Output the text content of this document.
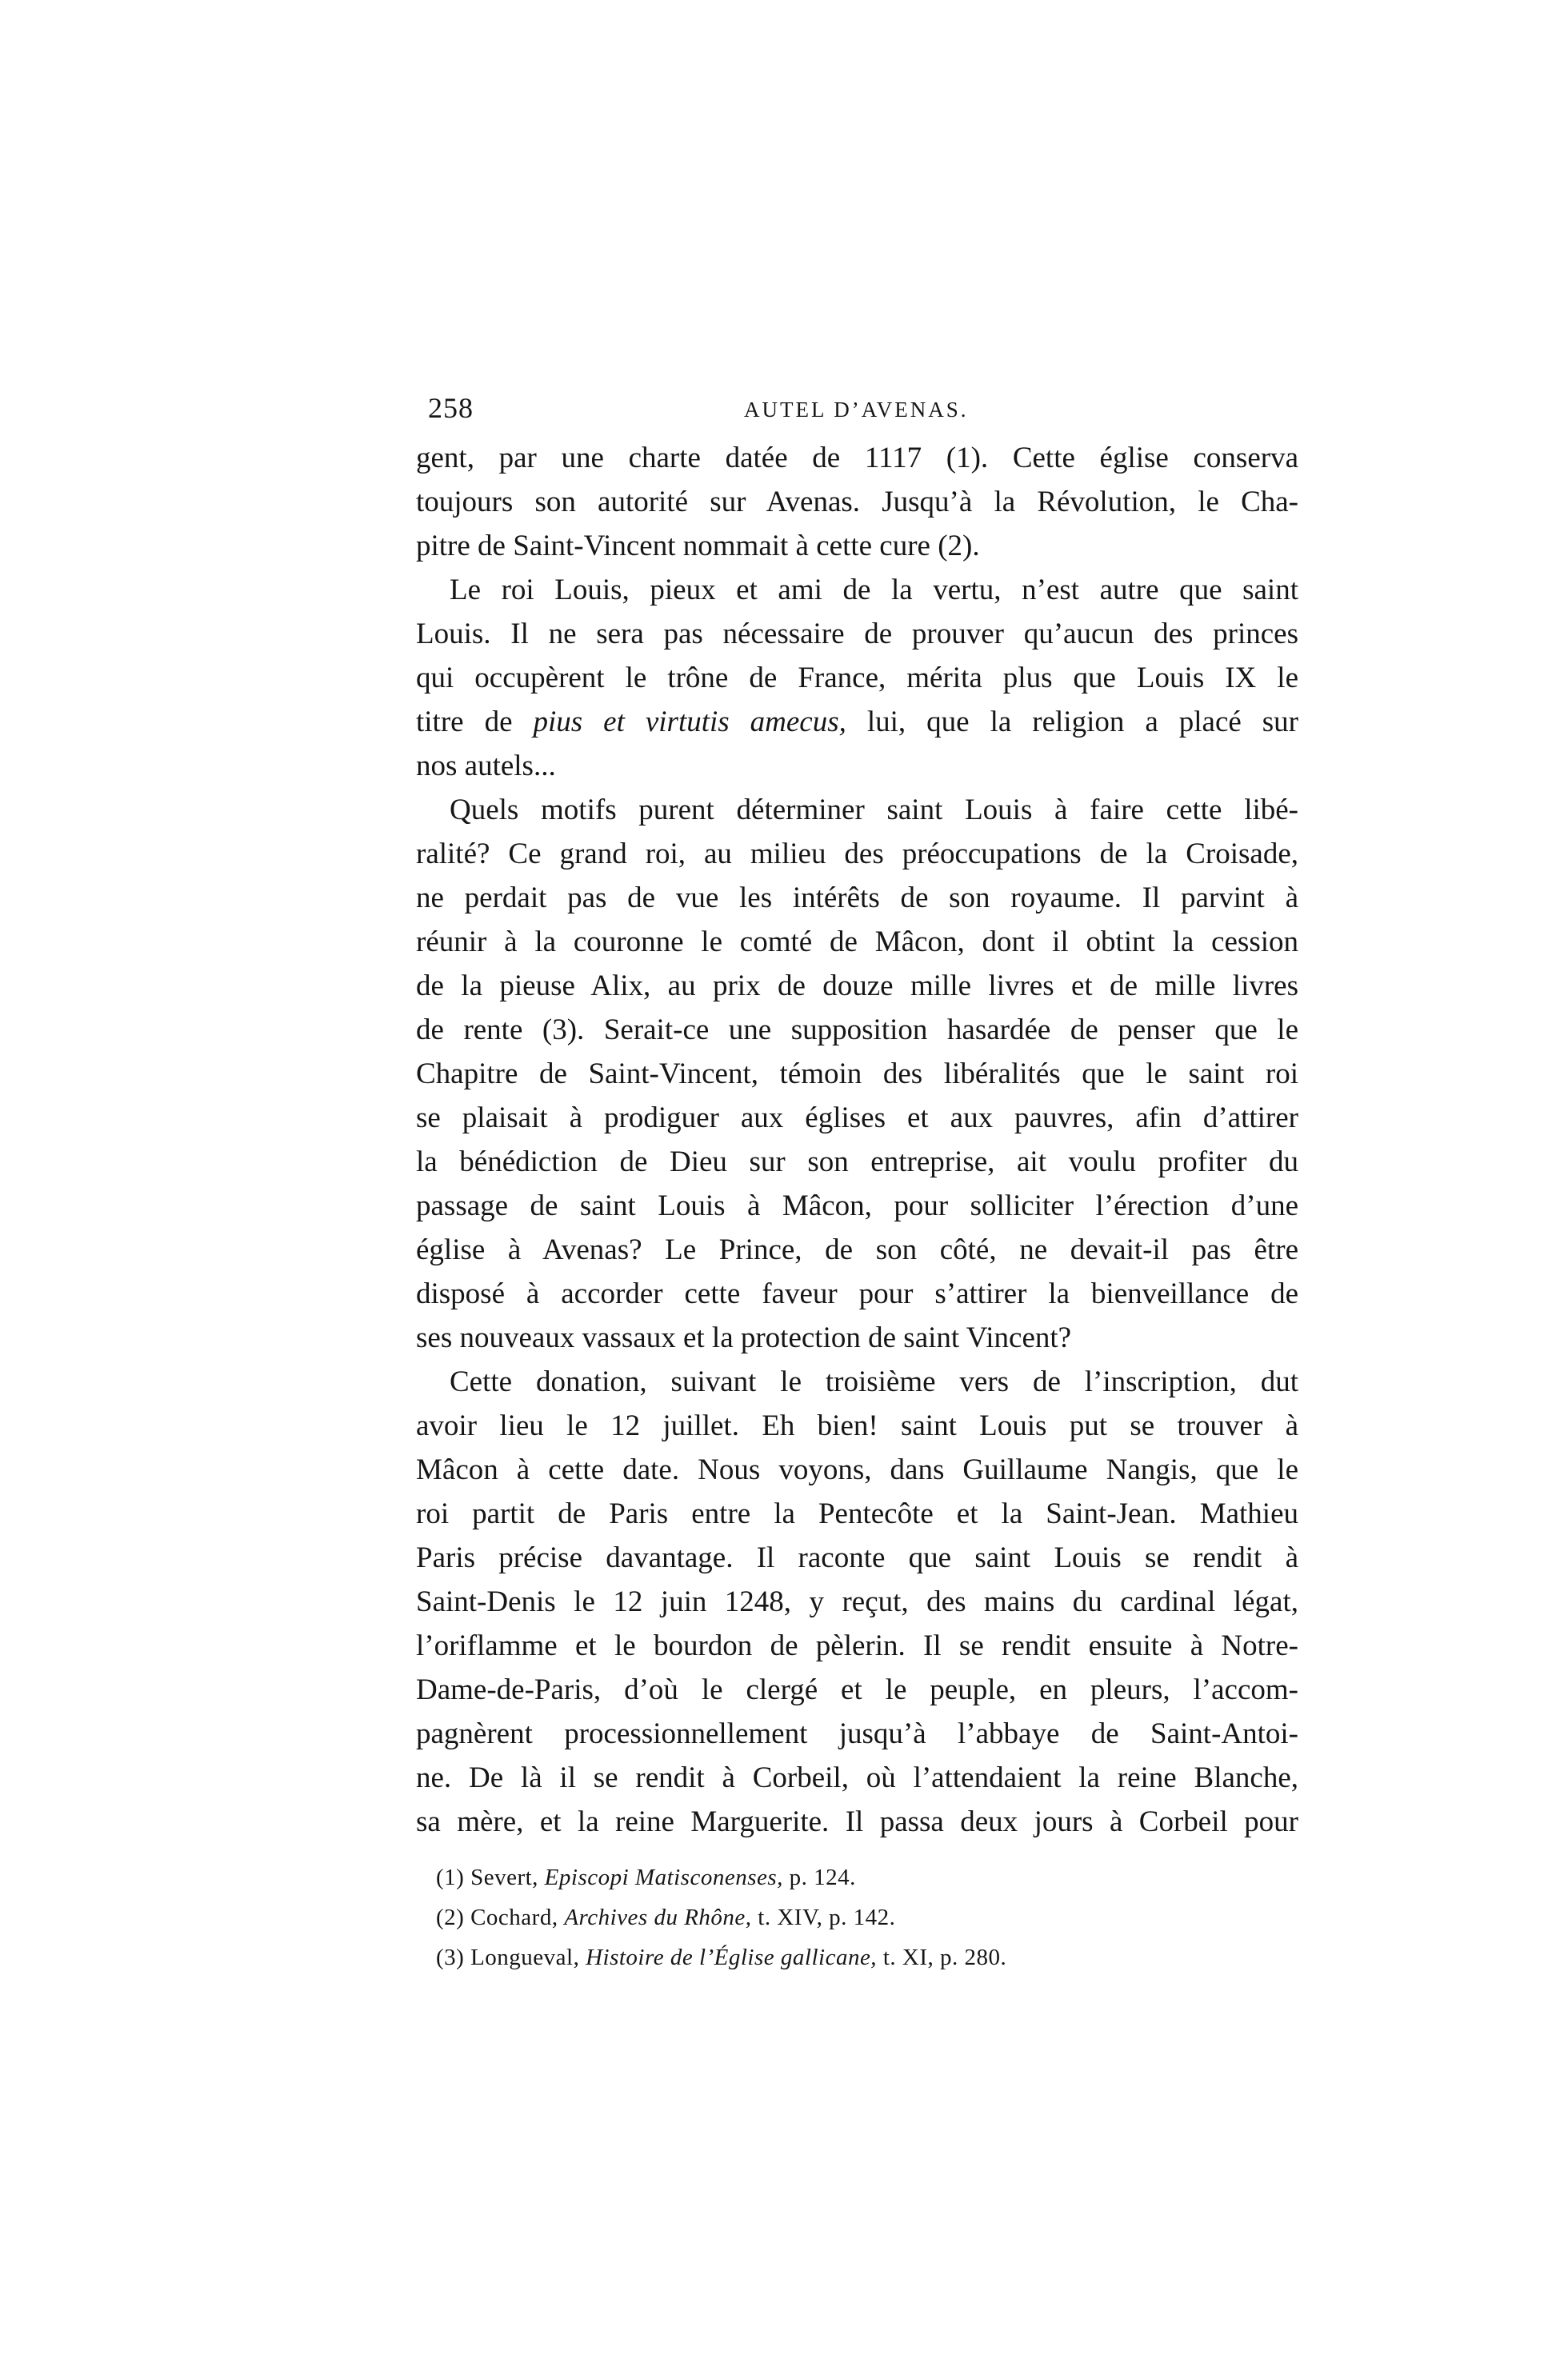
258	AUTEL D’AVENAS.
gent, par une charte datée de 1117 (1). Cette église conserva
toujours son autorité sur Avenas. Jusqu’à la Révolution, le Cha-
pitre de Saint-Vincent nommait à cette cure (2).
Le roi Louis, pieux et ami de la vertu, n’est autre que saint
Louis. Il ne sera pas nécessaire de prouver qu’aucun des princes
qui occupèrent le trône de France, mérita plus que Louis IX le
titre de pius et virtutis amecus, lui, que la religion a placé sur
nos autels...
Quels motifs purent déterminer saint Louis à faire cette libé-
ralité? Ce grand roi, au milieu des préoccupations de la Croisade,
ne perdait pas de vue les intérêts de son royaume. Il parvint à
réunir à la couronne le comté de Mâcon, dont il obtint la cession
de la pieuse Alix, au prix de douze mille livres et de mille livres
de rente (3). Serait-ce une supposition hasardée de penser que le
Chapitre de Saint-Vincent, témoin des libéralités que le saint roi
se plaisait à prodiguer aux églises et aux pauvres, afin d’attirer
la bénédiction de Dieu sur son entreprise, ait voulu profiter du
passage de saint Louis à Mâcon, pour solliciter l’érection d’une
église à Avenas? Le Prince, de son côté, ne devait-il pas être
disposé à accorder cette faveur pour s’attirer la bienveillance de
ses nouveaux vassaux et la protection de saint Vincent?
Cette donation, suivant le troisième vers de l’inscription, dut
avoir lieu le 12 juillet. Eh bien! saint Louis put se trouver à
Mâcon à cette date. Nous voyons, dans Guillaume Nangis, que le
roi partit de Paris entre la Pentecôte et la Saint-Jean. Mathieu
Paris précise davantage. Il raconte que saint Louis se rendit à
Saint-Denis le 12 juin 1248, y reçut, des mains du cardinal légat,
l’oriflamme et le bourdon de pèlerin. Il se rendit ensuite à Notre-
Dame-de-Paris, d’où le clergé et le peuple, en pleurs, l’accom-
pagnèrent processionnellement jusqu’à l’abbaye de Saint-Antoi-
ne. De là il se rendit à Corbeil, où l’attendaient la reine Blanche,
sa mère, et la reine Marguerite. Il passa deux jours à Corbeil pour
(1) Severt, Episcopi Matisconenses, p. 124.
(2) Cochard, Archives du Rhône, t. XIV, p. 142.
(3) Longueval, Histoire de l’Église gallicane, t. XI, p. 280.
